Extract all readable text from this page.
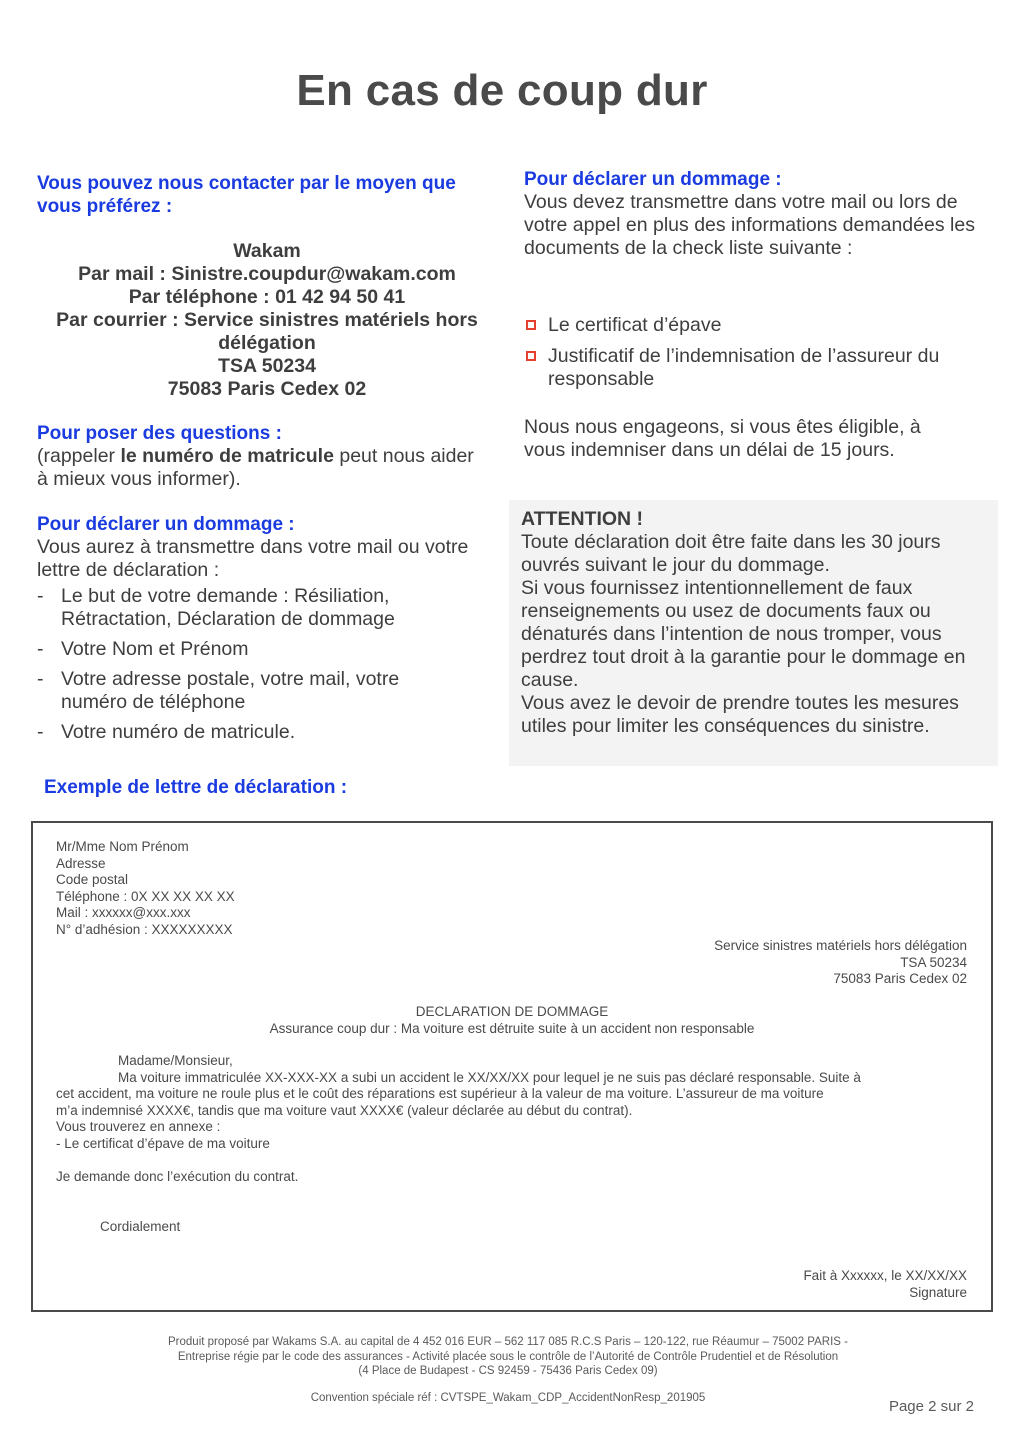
En cas de coup dur
Vous pouvez nous contacter par le moyen que vous préférez :
Wakam
Par mail : Sinistre.coupdur@wakam.com
Par téléphone : 01 42 94 50 41
Par courrier : Service sinistres matériels hors délégation
TSA 50234
75083 Paris Cedex 02
Pour poser des questions :
(rappeler le numéro de matricule peut nous aider à mieux vous informer).
Pour déclarer un dommage :
Vous aurez à transmettre dans votre mail ou votre lettre de déclaration :
- Le but de votre demande : Résiliation, Rétractation, Déclaration de dommage
- Votre Nom et Prénom
- Votre adresse postale, votre mail, votre numéro de téléphone
- Votre numéro de matricule.
Exemple de lettre de déclaration :
Pour déclarer un dommage :
Vous devez transmettre dans votre mail ou lors de votre appel en plus des informations demandées les documents de la check liste suivante :
Le certificat d’épave
Justificatif de l’indemnisation de l’assureur du responsable
Nous nous engageons, si vous êtes éligible, à vous indemniser dans un délai de 15 jours.
ATTENTION !
Toute déclaration doit être faite dans les 30 jours ouvrés suivant le jour du dommage.
Si vous fournissez intentionnellement de faux renseignements ou usez de documents faux ou dénaturés dans l’intention de nous tromper, vous perdrez tout droit à la garantie pour le dommage en cause.
Vous avez le devoir de prendre toutes les mesures utiles pour limiter les conséquences du sinistre.
Mr/Mme Nom Prénom
Adresse
Code postal
Téléphone : 0X XX XX XX XX
Mail : xxxxxx@xxx.xxx
N° d’adhésion : XXXXXXXXX
Service sinistres matériels hors délégation
TSA 50234
75083 Paris Cedex 02
DECLARATION DE DOMMAGE
Assurance coup dur : Ma voiture est détruite suite à un accident non responsable
Madame/Monsieur,
Ma voiture immatriculée XX-XXX-XX a subi un accident le XX/XX/XX pour lequel je ne suis pas déclaré responsable. Suite à
cet accident, ma voiture ne roule plus et le coût des réparations est supérieur à la valeur de ma voiture. L’assureur de ma voiture
m’a indemnisé XXXX€, tandis que ma voiture vaut XXXX€ (valeur déclarée au début du contrat).
Vous trouverez en annexe :
- Le certificat d’épave de ma voiture
Je demande donc l’exécution du contrat.
Cordialement
Fait à Xxxxxx, le XX/XX/XX
Signature
Produit proposé par Wakams S.A. au capital de 4 452 016 EUR – 562 117 085 R.C.S Paris – 120-122, rue Réaumur – 75002 PARIS -
Entreprise régie par le code des assurances - Activité placée sous le contrôle de l’Autorité de Contrôle Prudentiel et de Résolution
(4 Place de Budapest - CS 92459 - 75436 Paris Cedex 09)
Convention spéciale réf : CVTSPE_Wakam_CDP_AccidentNonResp_201905	Page 2 sur 2
